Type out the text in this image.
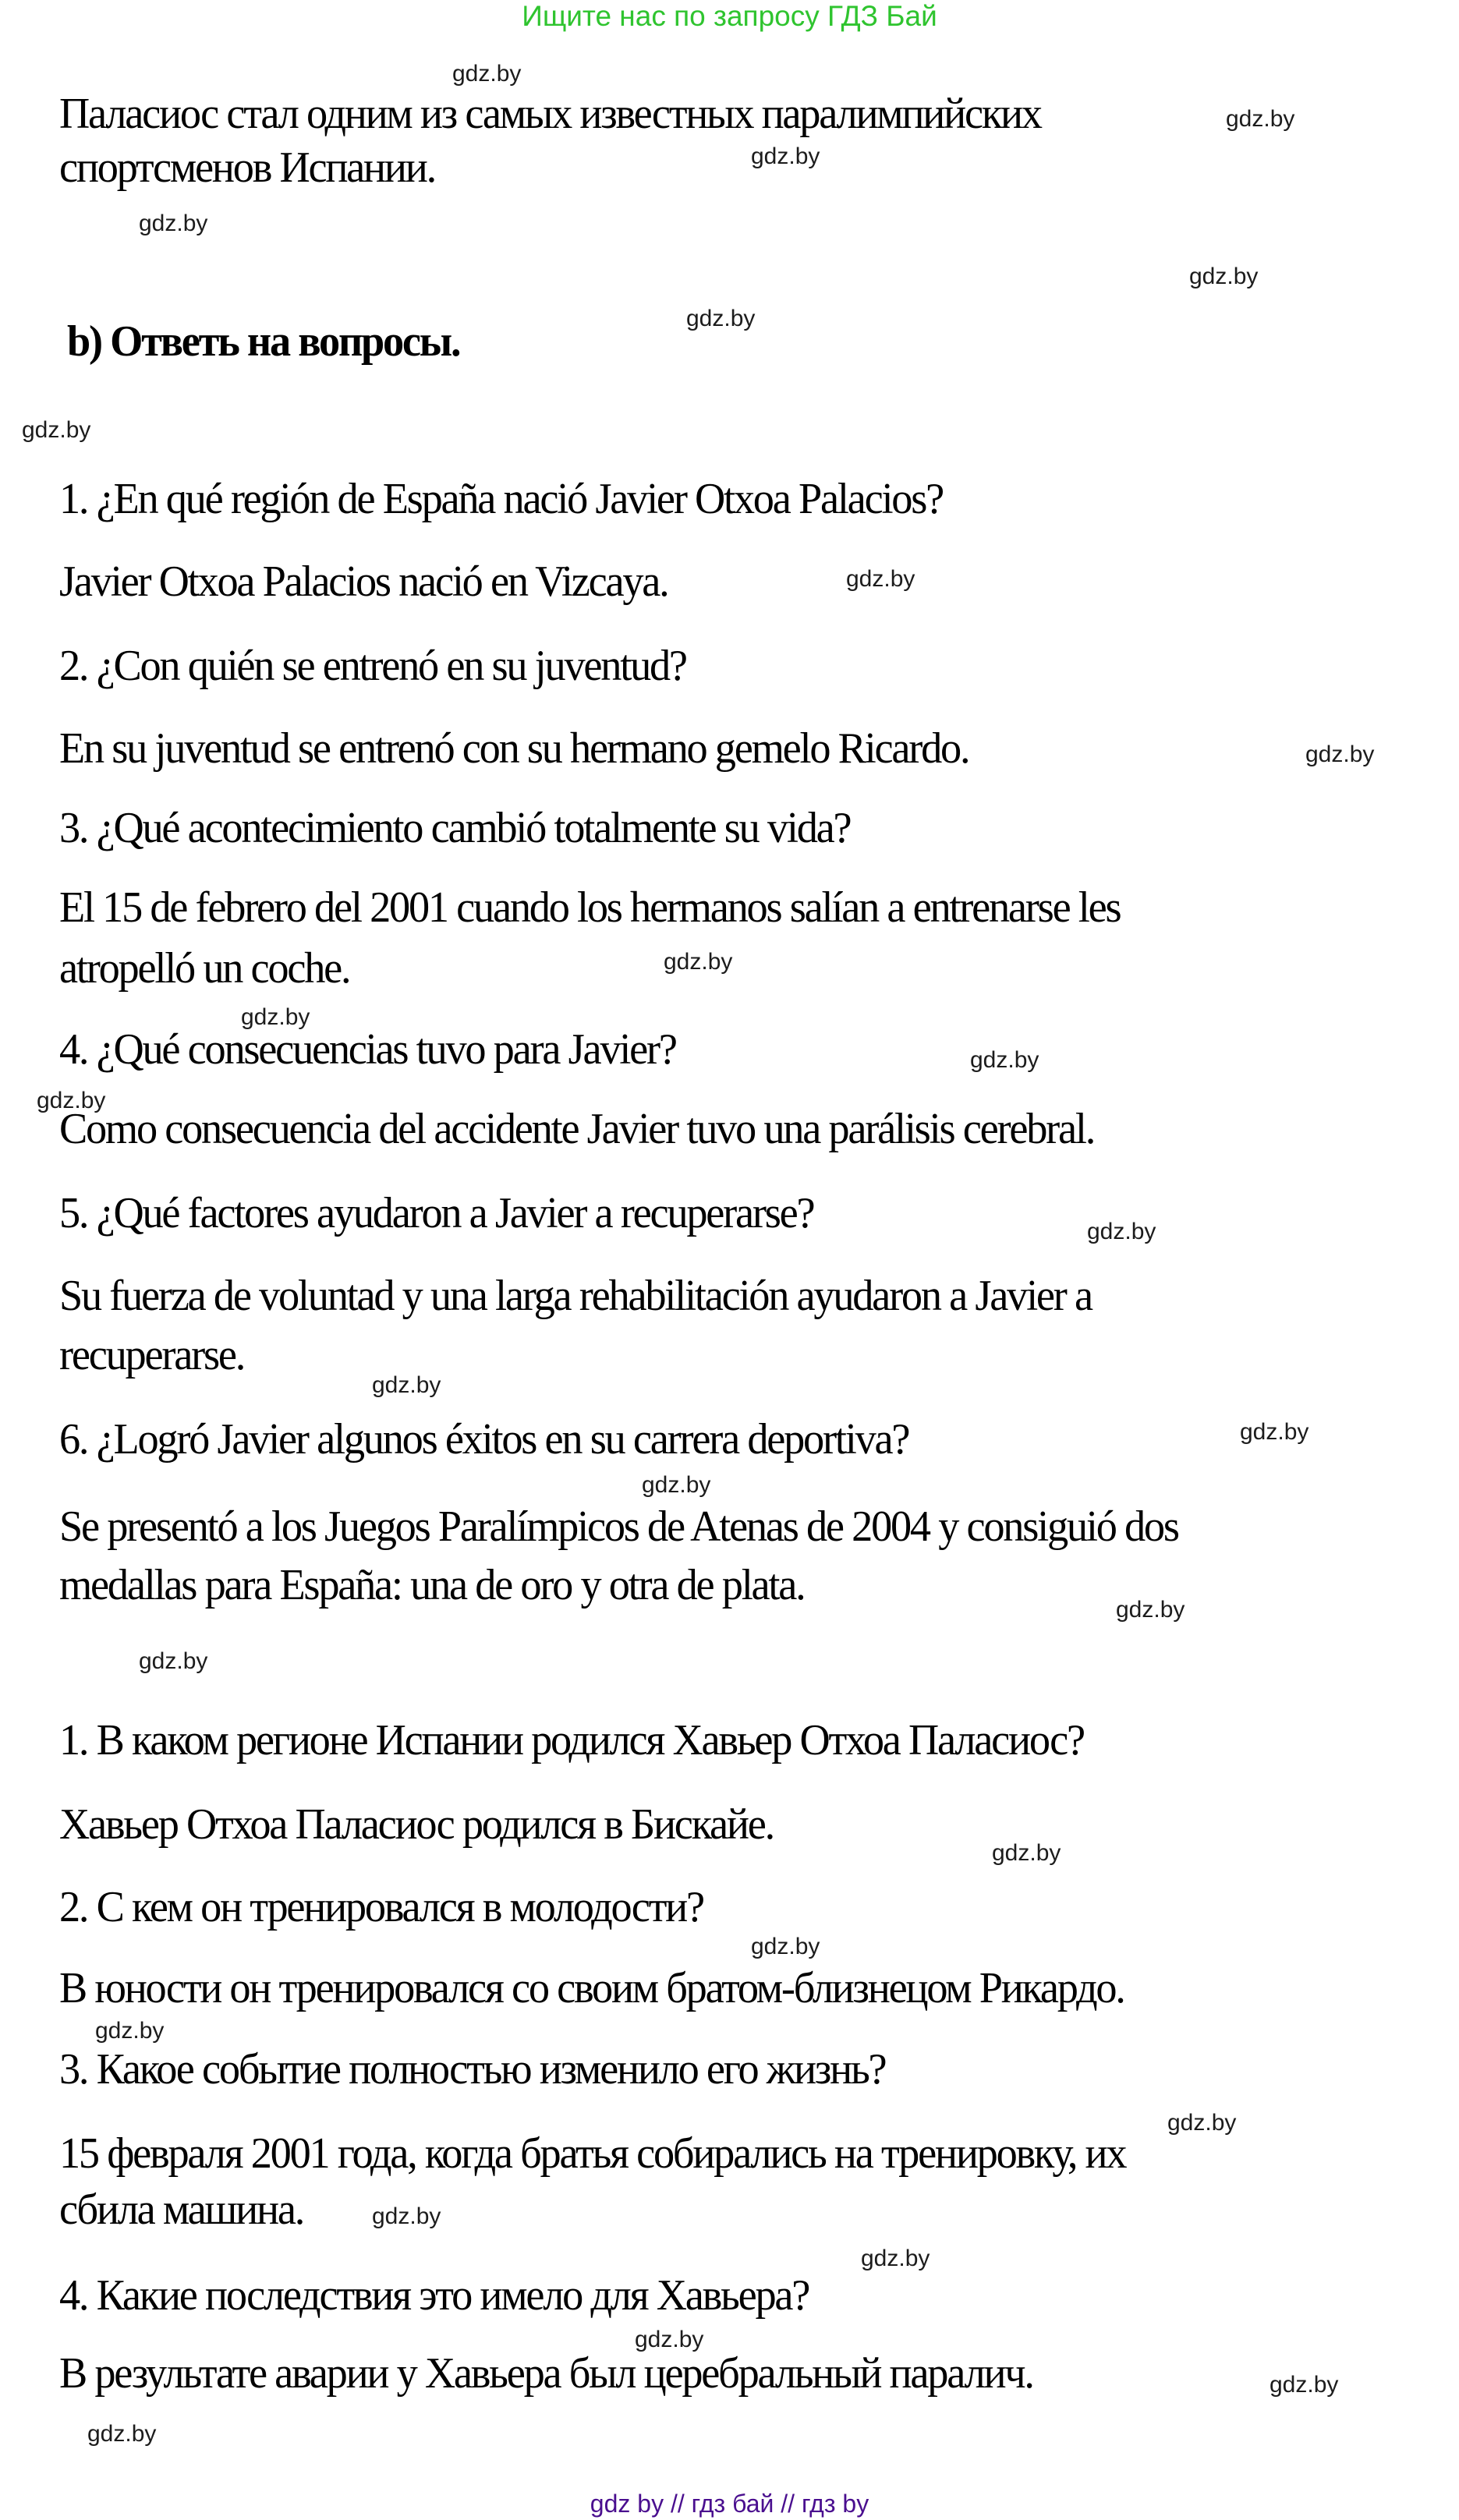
Ищите нас по запросу ГДЗ Бай
gdz.by
gdz.by
gdz.by
gdz.by
gdz.by
gdz.by
gdz.by
gdz.by
gdz.by
gdz.by
gdz.by
gdz.by
gdz.by
gdz.by
gdz.by
gdz.by
gdz.by
gdz.by
gdz.by
gdz.by
gdz.by
gdz.by
gdz.by
gdz.by
gdz.by
gdz.by
gdz.by
gdz.by
Паласиос стал одним из самых известных паралимпийских
спортсменов Испании.
b) Ответь на вопросы.
1. ¿En qué región de España nació Javier Otxoa Palacios?
Javier Otxoa Palacios nació en Vizcaya.
2. ¿Con quién se entrenó en su juventud?
En su juventud se entrenó con su hermano gemelo Ricardo.
3. ¿Qué acontecimiento cambió totalmente su vida?
El 15 de febrero del 2001 cuando los hermanos salían a entrenarse les
atropelló un coche.
4. ¿Qué consecuencias tuvo para Javier?
Como consecuencia del accidente Javier tuvo una parálisis cerebral.
5. ¿Qué factores ayudaron a Javier a recuperarse?
Su fuerza de voluntad y una larga rehabilitación ayudaron a Javier a
recuperarse.
6. ¿Logró Javier algunos éxitos en su carrera deportiva?
Se presentó a los Juegos Paralímpicos de Atenas de 2004 y consiguió dos
medallas para España: una de oro y otra de plata.
1. В каком регионе Испании родился Хавьер Отхоа Паласиос?
Хавьер Отхоа Паласиос родился в Бискайе.
2. С кем он тренировался в молодости?
В юности он тренировался со своим братом-близнецом Рикардо.
3. Какое событие полностью изменило его жизнь?
15 февраля 2001 года, когда братья собирались на тренировку, их
сбила машина.
4. Какие последствия это имело для Хавьера?
В результате аварии у Хавьера был церебральный паралич.
gdz by // гдз бай // гдз by
